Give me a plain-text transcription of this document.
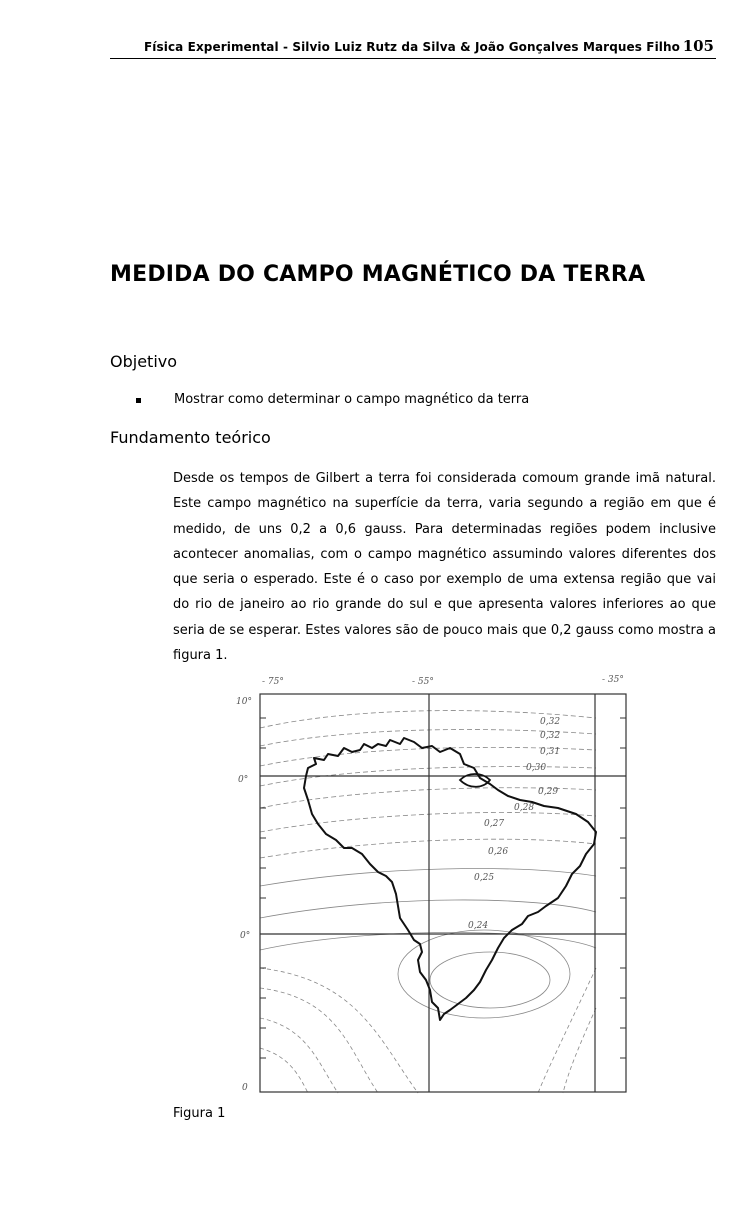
Física Experimental - Silvio Luiz Rutz da Silva & João Gonçalves Marques Filho 105
MEDIDA DO CAMPO MAGNÉTICO DA TERRA
Objetivo
Mostrar como determinar o campo magnético da terra
Fundamento teórico

Desde os tempos de Gilbert a terra foi considerada comoum grande imã natural. Este campo magnético na superfície da terra, varia segundo a região em que é medido, de uns 0,2 a 0,6 gauss. Para determinadas regiões podem inclusive acontecer anomalias, com o campo magnético assumindo valores diferentes dos que seria o esperado. Este é o caso por exemplo de uma extensa região que vai do rio de janeiro ao rio grande do sul e que apresenta valores inferiores ao que seria de se esperar. Estes valores são de pouco mais que 0,2 gauss como mostra a figura 1.

- 75°	- 55°	- 35°
10°
0°
0°
0
0,32
0,32
0,31
0,30
0,29
0,28
0,27
0,26
0,25
0,24
Figura 1
